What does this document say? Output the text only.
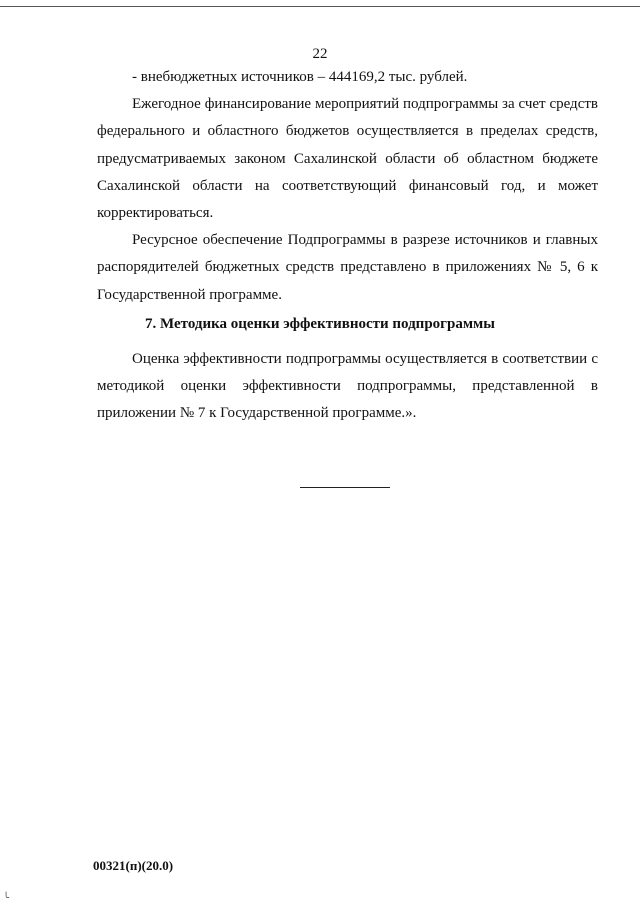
22

- внебюджетных источников – 444169,2 тыс. рублей.

Ежегодное финансирование мероприятий подпрограммы за счет средств федерального и областного бюджетов осуществляется в пределах средств, предусматриваемых законом Сахалинской области об областном бюджете Сахалинской области на соответствующий финансовый год, и может корректироваться.

Ресурсное обеспечение Подпрограммы в разрезе источников и главных распорядителей бюджетных средств представлено в приложениях № 5, 6 к Государственной программе.

7. Методика оценки эффективности подпрограммы

Оценка эффективности подпрограммы осуществляется в соответствии с методикой оценки эффективности подпрограммы, представленной в приложении № 7 к Государственной программе.».

00321(п)(20.0)
╰
